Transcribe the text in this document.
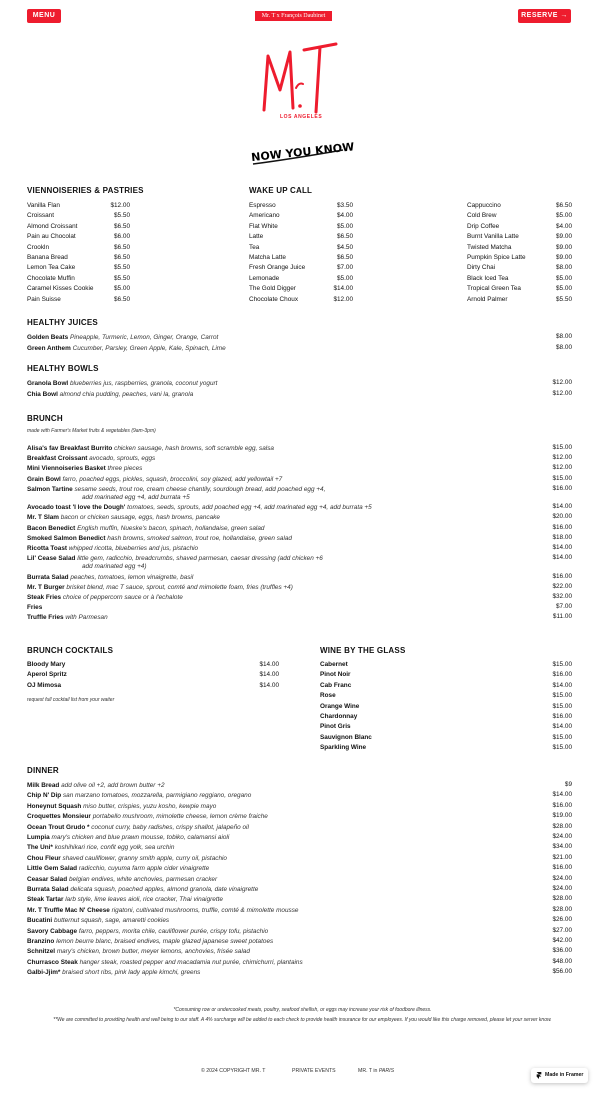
MENU	Mr. T x François Daubinet	RESERVE →
LOS ANGELES
NOW YOU KNOW
VIENNOISERIES & PASTRIES
Vanilla Flan	$12.00
Croissant	$5.50
Almond Croissant	$6.50
Pain au Chocolat	$6.00
Crookln	$6.50
Banana Bread	$6.50
Lemon Tea Cake	$5.50
Chocolate Muffin	$5.50
Caramel Kisses Cookie	$5.00
Pain Suisse	$6.50
WAKE UP CALL
Espresso	$3.50
Americano	$4.00
Flat White	$5.00
Latte	$6.50
Tea	$4.50
Matcha Latte	$6.50
Fresh Orange Juice	$7.00
Lemonade	$5.00
The Gold Digger	$14.00
Chocolate Choux	$12.00
Cappuccino	$6.50
Cold Brew	$5.00
Drip Coffee	$4.00
Burnt Vanilla Latte	$9.00
Twisted Matcha	$9.00
Pumpkin Spice Latte	$9.00
Dirty Chai	$8.00
Black Iced Tea	$5.00
Tropical Green Tea	$5.00
Arnold Palmer	$5.50
HEALTHY JUICES
Golden Beats Pineapple, Turmeric, Lemon, Ginger, Orange, Carrot	$8.00
Green Anthem Cucumber, Parsley, Green Apple, Kale, Spinach, Lime	$8.00
HEALTHY BOWLS
Granola Bowl blueberries jus, raspberries, granola, coconut yogurt	$12.00
Chia Bowl almond chia pudding, peaches, vani la, granola	$12.00
BRUNCH
made with Farmer's Market fruits & vegetables (9am-3pm)
Alisa's fav Breakfast Burrito chicken sausage, hash browns, soft scramble egg, salsa	$15.00
Breakfast Croissant avocado, sprouts, eggs	$12.00
Mini Viennoiseries Basket three pieces	$12.00
Grain Bowl farro, poached eggs, pickles, squash, broccolini, soy glazed, add yellowtail +7	$15.00
Salmon Tartine sesame seeds, trout roe, cream cheese chantily, sourdough bread, add poached egg +4,	$16.00
add marinated egg +4, add burrata +5
Avocado toast 'I love the Dough' tomatoes, seeds, sprouts, add poached egg +4, add marinated egg +4, add burrata +5	$14.00
Mr. T Slam bacon or chicken sausage, eggs, hash browns, pancake	$20.00
Bacon Benedict English muffin, Nueske's bacon, spinach, hollandaise, green salad	$16.00
Smoked Salmon Benedict hash browns, smoked salmon, trout roe, hollandaise, green salad	$18.00
Ricotta Toast whipped ricotta, blueberries and jus, pistachio	$14.00
Lil' Cease Salad little gem, radicchio, breadcrumbs, shaved parmesan, caesar dressing (add chicken +6	$14.00
add marinated egg +4)
Burrata Salad peaches, tomatoes, lemon vinaigrette, basil	$16.00
Mr. T Burger brisket blend, mac T sauce, sprout, comté and mimolette foam, fries (truffles +4)	$22.00
Steak Fries choice of peppercorn sauce or à l'echalote	$32.00
Fries	$7.00
Truffle Fries with Parmesan	$11.00
BRUNCH COCKTAILS
Bloody Mary	$14.00
Aperol Spritz	$14.00
OJ Mimosa	$14.00
request full cocktail list from your waiter
WINE BY THE GLASS
Cabernet	$15.00
Pinot Noir	$16.00
Cab Franc	$14.00
Rose	$15.00
Orange Wine	$15.00
Chardonnay	$16.00
Pinot Gris	$14.00
Sauvignon Blanc	$15.00
Sparkling Wine	$15.00
DINNER
Milk Bread add olive oil +2, add brown butter +2	$9
Chip N' Dip san marzano tomatoes, mozzarella, parmigiano reggiano, oregano	$14.00
Honeynut Squash miso butter, crispies, yuzu kosho, kewpie mayo	$16.00
Croquettes Monsieur portabello mushroom, mimolette cheese, lemon crème fraiche	$19.00
Ocean Trout Grudo * coconut curry, baby radishes, crispy shallot, jalapeño oil	$28.00
Lumpia mary's chicken and blue prawn mousse, tobiko, calamansi aioli	$24.00
The Uni* koshihikari rice, confit egg yolk, sea urchin	$34.00
Chou Fleur shaved cauliflower, granny smith apple, curry oil, pistachio	$21.00
Little Gem Salad radicchio, cuyuma farm apple cider vinaigrette	$16.00
Ceasar Salad belgian endives, white anchovies, parmesan cracker	$24.00
Burrata Salad delicata squash, poached apples, almond granola, date vinaigrette	$24.00
Steak Tartar larb style, lime leaves aioli, rice cracker, Thai vinaigrette	$28.00
Mr. T Truffle Mac N' Cheese rigatoni, cultivated mushrooms, truffle, comté & mimolette mousse	$28.00
Bucatini butternut squash, sage, amaretti cookies	$26.00
Savory Cabbage farro, peppers, morita chile, cauliflower purée, crispy tofu, pistachio	$27.00
Branzino lemon beurre blanc, braised endives, maple glazed japanese sweet potatoes	$42.00
Schnitzel mary's chicken, brown butter, meyer lemons, anchovies, frisée salad	$36.00
Churrasco Steak hanger steak, roasted pepper and macadamia nut purée, chimichurri, plantains	$48.00
Galbi-Jjim* braised short ribs, pink lady apple kimchi, greens	$56.00
*Consuming row or undercooked meats, poultry, seafood shellish, or eggs may increase your risk of foodbore illness.
**We are committed to providing health and well being to our staff. A 4% surcharge will be added to each check to provide health insurance for our employees. If you would like this charge removed, please let your server know.
© 2024 COPYRIGHT MR. T	PRIVATE EVENTS	MR. T in PARIS
Made in Framer
